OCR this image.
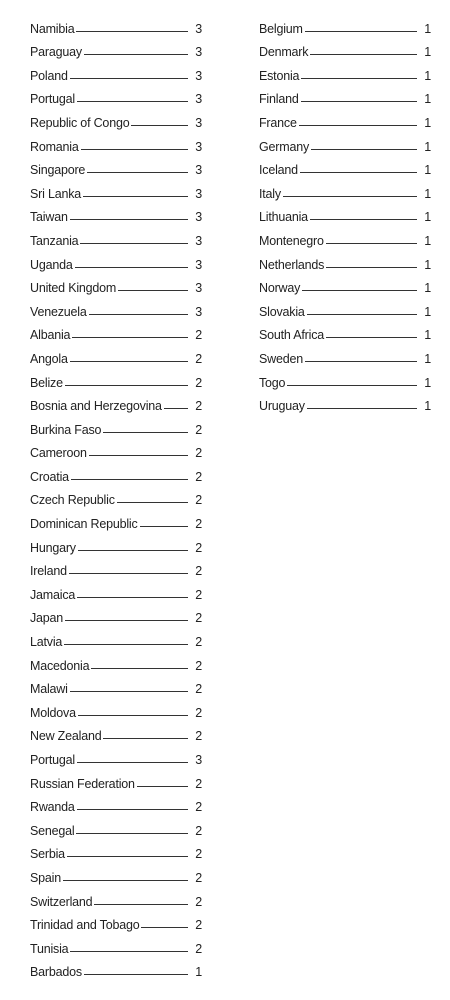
Namibia	3
Paraguay	3
Poland	3
Portugal	3
Republic of Congo	3
Romania	3
Singapore	3
Sri Lanka	3
Taiwan	3
Tanzania	3
Uganda	3
United Kingdom	3
Venezuela	3
Albania	2
Angola	2
Belize	2
Bosnia and Herzegovina	2
Burkina Faso	2
Cameroon	2
Croatia	2
Czech Republic	2
Dominican Republic	2
Hungary	2
Ireland	2
Jamaica	2
Japan	2
Latvia	2
Macedonia	2
Malawi	2
Moldova	2
New Zealand	2
Portugal	3
Russian Federation	2
Rwanda	2
Senegal	2
Serbia	2
Spain	2
Switzerland	2
Trinidad and Tobago	2
Tunisia	2
Barbados	1
Belgium	1
Denmark	1
Estonia	1
Finland	1
France	1
Germany	1
Iceland	1
Italy	1
Lithuania	1
Montenegro	1
Netherlands	1
Norway	1
Slovakia	1
South Africa	1
Sweden	1
Togo	1
Uruguay	1
